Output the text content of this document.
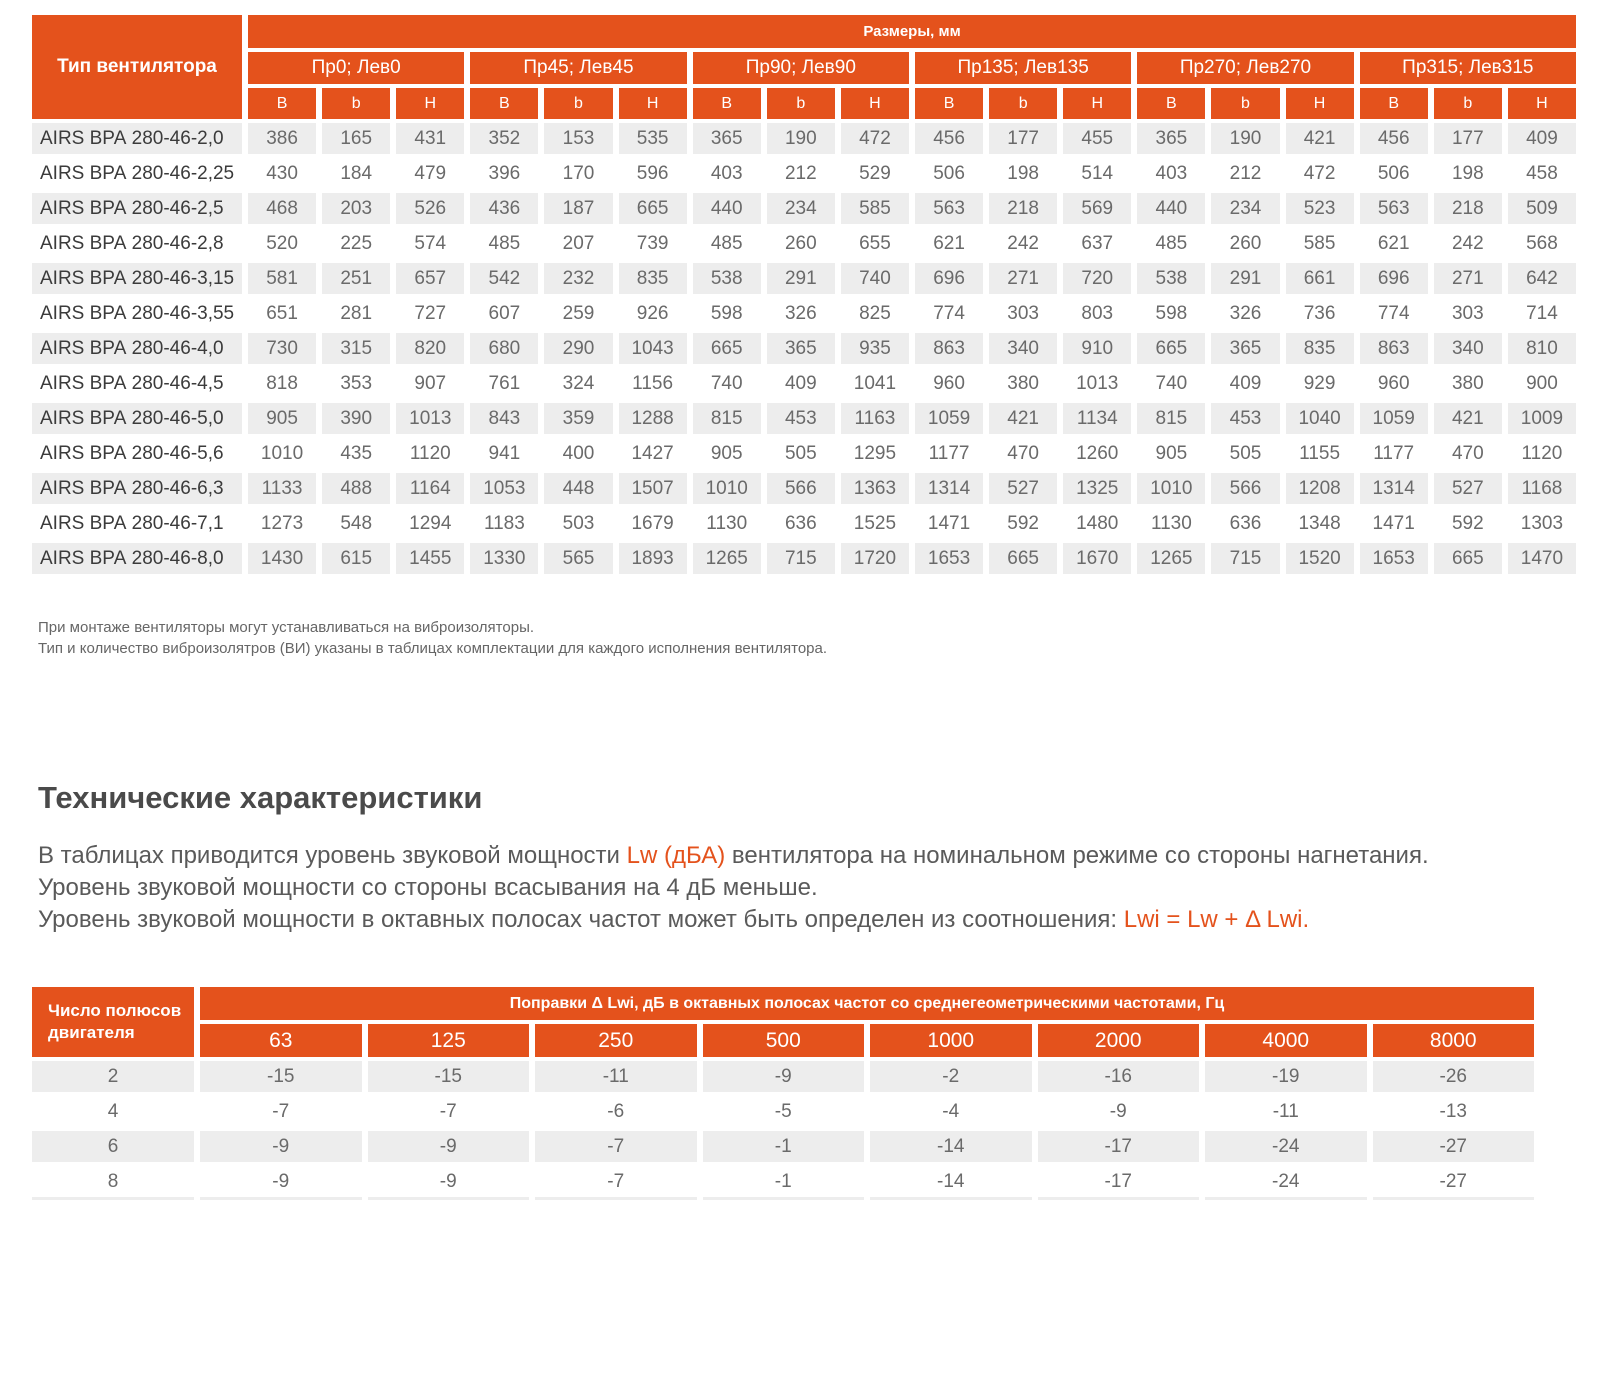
Тип вентилятора	Размеры, мм																	
	Пр0; Лев0			Пр45; Лев45			Пр90; Лев90			Пр135; Лев135			Пр270; Лев270			Пр315; Лев315		
	B	b	H	B	b	H	B	b	H	B	b	H	B	b	H	B	b	H
AIRS ВРА 280-46-2,0	386	165	431	352	153	535	365	190	472	456	177	455	365	190	421	456	177	409
AIRS ВРА 280-46-2,25	430	184	479	396	170	596	403	212	529	506	198	514	403	212	472	506	198	458
AIRS ВРА 280-46-2,5	468	203	526	436	187	665	440	234	585	563	218	569	440	234	523	563	218	509
AIRS ВРА 280-46-2,8	520	225	574	485	207	739	485	260	655	621	242	637	485	260	585	621	242	568
AIRS ВРА 280-46-3,15	581	251	657	542	232	835	538	291	740	696	271	720	538	291	661	696	271	642
AIRS ВРА 280-46-3,55	651	281	727	607	259	926	598	326	825	774	303	803	598	326	736	774	303	714
AIRS ВРА 280-46-4,0	730	315	820	680	290	1043	665	365	935	863	340	910	665	365	835	863	340	810
AIRS ВРА 280-46-4,5	818	353	907	761	324	1156	740	409	1041	960	380	1013	740	409	929	960	380	900
AIRS ВРА 280-46-5,0	905	390	1013	843	359	1288	815	453	1163	1059	421	1134	815	453	1040	1059	421	1009
AIRS ВРА 280-46-5,6	1010	435	1120	941	400	1427	905	505	1295	1177	470	1260	905	505	1155	1177	470	1120
AIRS ВРА 280-46-6,3	1133	488	1164	1053	448	1507	1010	566	1363	1314	527	1325	1010	566	1208	1314	527	1168
AIRS ВРА 280-46-7,1	1273	548	1294	1183	503	1679	1130	636	1525	1471	592	1480	1130	636	1348	1471	592	1303
AIRS ВРА 280-46-8,0	1430	615	1455	1330	565	1893	1265	715	1720	1653	665	1670	1265	715	1520	1653	665	1470

При монтаже вентиляторы могут устанавливаться на виброизоляторы.

Тип и количество виброизолятров (ВИ) указаны в таблицах комплектации для каждого исполнения вентилятора.

Технические характеристики

В таблицах приводится уровень звуковой мощности Lw (дБА) вентилятора на номинальном режиме со стороны нагнетания.

Уровень звуковой мощности со стороны всасывания на 4 дБ меньше.

Уровень звуковой мощности в октавных полосах частот может быть определен из соотношения: Lwi = Lw + Δ Lwi.

Число полюсов двигателя	Поправки Δ Lwi, дБ в октавных полосах частот со среднегеометрическими частотами, Гц							
	63	125	250	500	1000	2000	4000	8000
2	-15	-15	-11	-9	-2	-16	-19	-26
4	-7	-7	-6	-5	-4	-9	-11	-13
6	-9	-9	-7	-1	-14	-17	-24	-27
8	-9	-9	-7	-1	-14	-17	-24	-27
